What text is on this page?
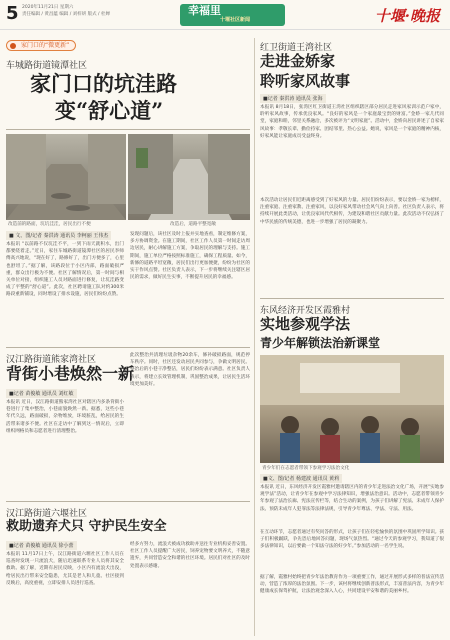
5 2020年11月21日 星期六
责任编辑 / 黄昌蕴 编辑 / 刘梓妍 版式 / 杜婵	幸福里
十堰社区新闻	十堰·晚报
家门口的“微更新”
车城路街道镜潭社区
家门口的坑洼路
变“舒心道”
改造前的路面，坑坑洼洼，居民出行不便	改造后，道路平整宽敞
■ 文、图/记者 秦洪涛 通讯员 李柯丽 王伟杰
本报讯 “以前路不仅坑洼不平，一到下雨天就积水，出门都要绕着走。”近日，家住车城路街道镜潭社区的居民李师傅高兴地说，“现在好了，路修好了，出门方便多了，心里也舒坦了。”据了解，该路段位于小区内部，路面破损严重，群众出行极为不便。社区了解情况后，第一时间与相关单位对接，组织施工人员对路面进行修复，让坑洼路变成了平整的“舒心道”。此次，社区聘请施工队对约300米路段重新铺设，同时增设了排水设施，居民们纷纷点赞。
发现问题后，该社区及时上报并实地查看，制定维修方案，多方协调资金。在施工期间，社区工作人员第一时间走访周边居民，耐心讲解施工方案，争取居民的理解与支持。施工期间，施工单位严格按照标准施工，确保工程质量。如今，新修的道路平坦宽敞，居民们出行更加便捷，纷纷为社区的实干作风点赞。社区负责人表示，下一步将继续关注辖区居民的需求，做好民生实事，不断提升居民的幸福感。
汉江路街道熊家湾社区
背街小巷焕然一新
■记者 苗俊敏 通讯员 刘红敏
本报讯 近日，汉江路街道熊家湾社区对辖区内多条背街小巷进行了集中整治，小巷面貌焕然一新。据悉，这些小巷年代久远，路面破损，杂物堆放，环境脏乱，给居民的生活带来诸多不便。社区在走访中了解到这一情况后，立即组织网格员和志愿者进行清理整治。
此次整治共清理垃圾杂物20余车，修补破损路面，规范停车秩序。同时，社区还发动居民共同参与，争做文明居民。整治后的小巷干净整洁，居民们纷纷表示满意。社区负责人表示，将建立长效管理机制，巩固整治成果，让居民生活环境更加美好。
汉江路街道六堰社区
救助遗弃犬只 守护民生安全
■记者 苗俊敏 通讯员 徐小蕾
本报讯 11月17日上午，汉江路街道六堰社区工作人员在巡查时发现一只流浪犬，随后迅速联系专业人员将其安全救助。据了解，近期有居民反映，小区内有流浪犬出没，给居民出行带来安全隐患，尤其是老人和儿童。社区接到反映后，高度重视，立即安排人员进行巡查。
经多方努力，流浪犬被成功救助并送往专业机构妥善安置。社区工作人员提醒广大居民，饲养宠物要文明养犬，不随意遗弃，共同营造安全和谐的社区环境。居民们对社区的及时处置表示感谢。
红卫街道王湾社区
走进金娇家
聆听家风故事
■记者 秦洪涛 通讯员 张海
本报讯 8月18日，张湾区红卫街道王湾社区组织辖区部分居民走进家风家训示范户家中，聆听家风故事，传承优良家风。“良好的家风是一个家庭最宝贵的财富。”金娇一家几代同堂，家庭和睦，邻里关系融洽，多次被评为“文明家庭”。活动中，金娇向居民讲述了自家家风故事：孝敬长辈、勤俭持家、团结邻里、热心公益。她说，家风是一个家庭的精神内核，好家风能让家庭成员受益终身。
本次活动让居民们近距离感受到了好家风的力量。居民们纷纷表示，要以金娇一家为榜样，注重家庭、注重家教、注重家风，以良好家风带动社会风气向上向善。社区负责人表示，将持续开展此类活动，让优良家风代代相传，为建设和谐社区贡献力量。此次活动不仅弘扬了中华民族的传统美德，也进一步增强了居民的凝聚力。
东风经济开发区霞雅村
实地参观学法
青少年解锁法治新课堂
青少年们在志愿者带领下参观学习法治文化
■文、图/记者 杨建波 通讯员 黄莉
本报讯 近日，东风经济开发区霞雅村邀请辖区内的青少年走进法治文化广场，开展“实地参观学法”活动，让青少年在参观中学习法律知识，增强法治意识。活动中，志愿者带领青少年参观了法治长廊、宪法宣传栏等，结合生动的案例，为孩子们讲解了宪法、未成年人保护法、预防未成年人犯罪法等法律法规，引导青少年尊法、学法、守法、用法。
在互动环节，志愿者通过有奖问答的形式，让孩子们在轻松愉快的氛围中巩固所学知识。孩子们积极踊跃，争先恐后地回答问题，现场气氛热烈。“通过今天的参观学习，我知道了很多法律知识，以后要做一个知法守法的好少年。”参加活动的一名学生说。
据了解，霞雅村始终把青少年法治教育作为一项重要工作，通过开展形式多样的普法宣传活动，营造了浓厚的法治氛围。下一步，该村将继续创新普法形式，丰富普法内容，为青少年健康成长保驾护航，让法治观念深入人心，共同建设平安和谐的美丽乡村。
